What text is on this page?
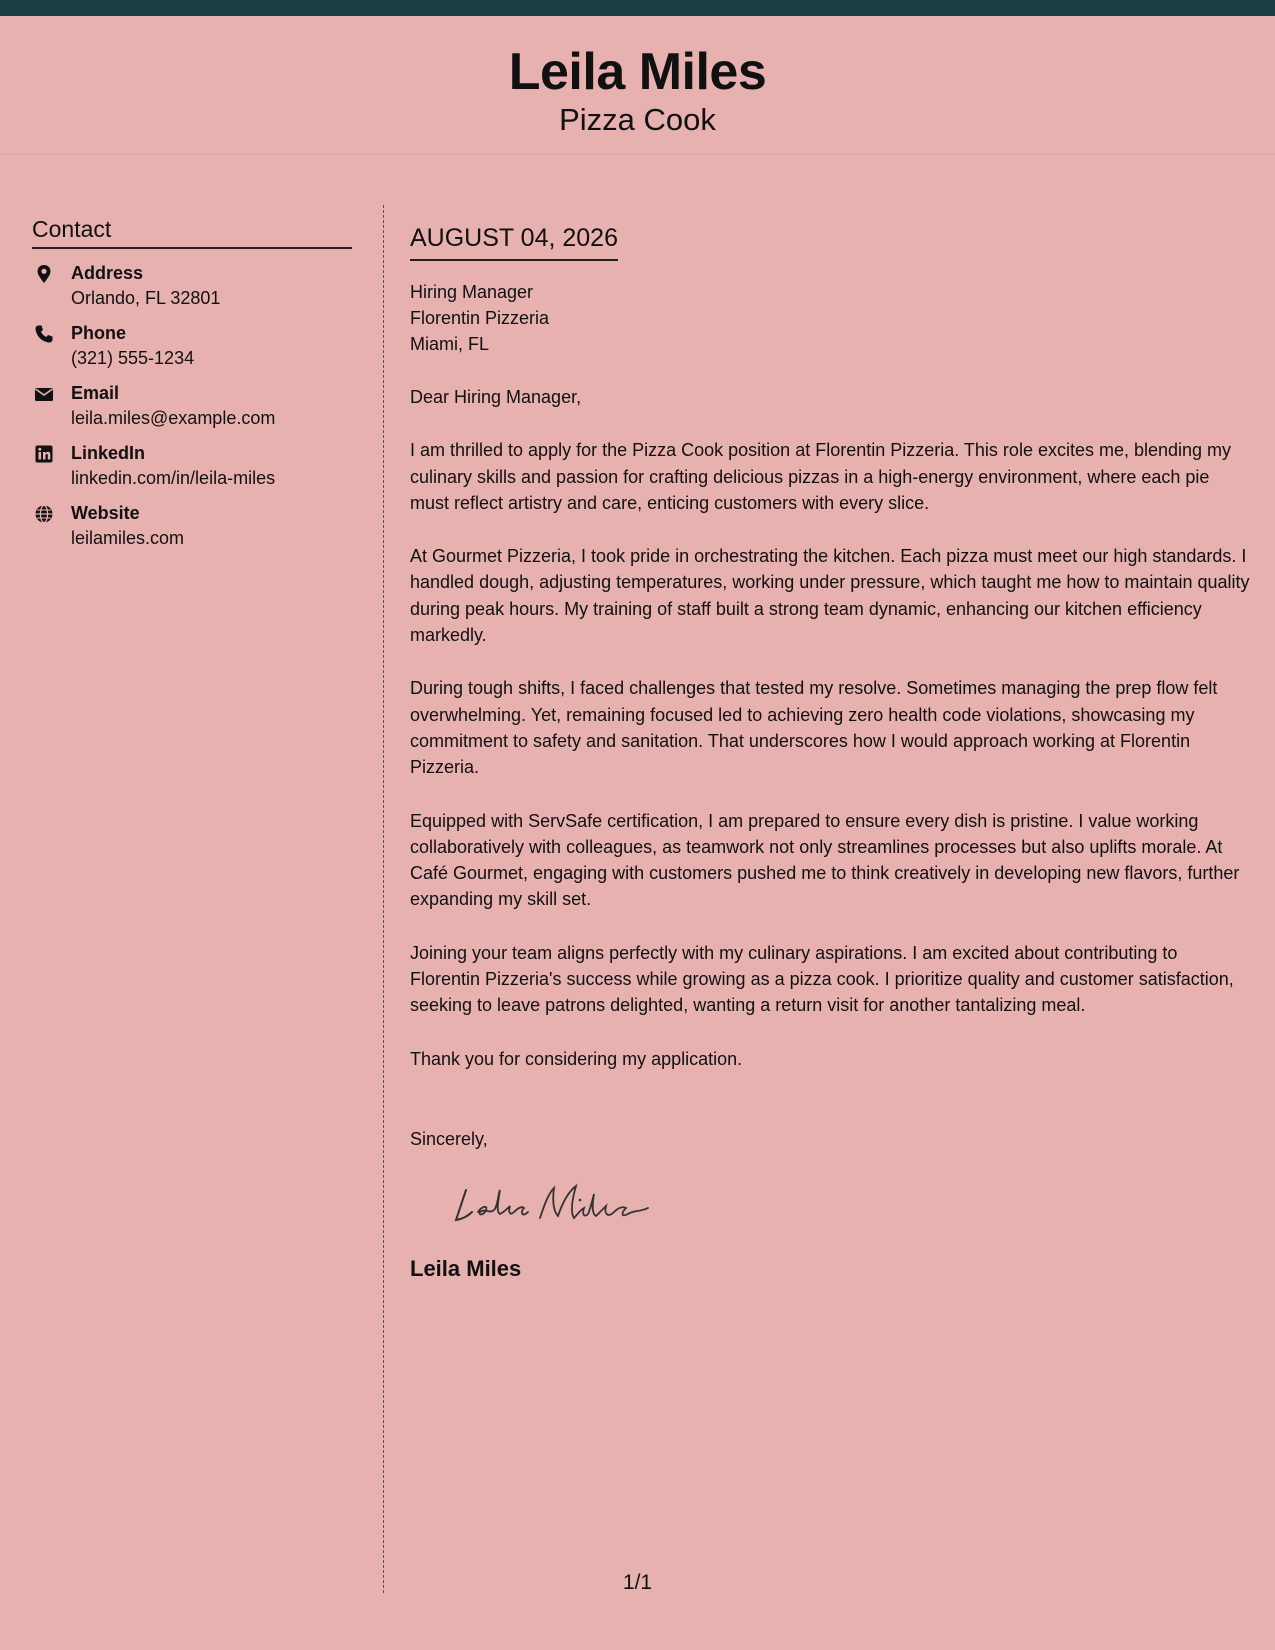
Leila Miles
Pizza Cook
Contact
Address
Orlando, FL 32801
Phone
(321) 555-1234
Email
leila.miles@example.com
LinkedIn
linkedin.com/in/leila-miles
Website
leilamiles.com
AUGUST 04, 2026
Hiring Manager
Florentin Pizzeria
Miami, FL

Dear Hiring Manager,

I am thrilled to apply for the Pizza Cook position at Florentin Pizzeria. This role excites me, blending my culinary skills and passion for crafting delicious pizzas in a high-energy environment, where each pie must reflect artistry and care, enticing customers with every slice.

At Gourmet Pizzeria, I took pride in orchestrating the kitchen. Each pizza must meet our high standards. I handled dough, adjusting temperatures, working under pressure, which taught me how to maintain quality during peak hours. My training of staff built a strong team dynamic, enhancing our kitchen efficiency markedly.

During tough shifts, I faced challenges that tested my resolve. Sometimes managing the prep flow felt overwhelming. Yet, remaining focused led to achieving zero health code violations, showcasing my commitment to safety and sanitation. That underscores how I would approach working at Florentin Pizzeria.

Equipped with ServSafe certification, I am prepared to ensure every dish is pristine. I value working collaboratively with colleagues, as teamwork not only streamlines processes but also uplifts morale. At Café Gourmet, engaging with customers pushed me to think creatively in developing new flavors, further expanding my skill set.

Joining your team aligns perfectly with my culinary aspirations. I am excited about contributing to Florentin Pizzeria's success while growing as a pizza cook. I prioritize quality and customer satisfaction, seeking to leave patrons delighted, wanting a return visit for another tantalizing meal.

Thank you for considering my application.

Sincerely,
Leila Miles
1/1
